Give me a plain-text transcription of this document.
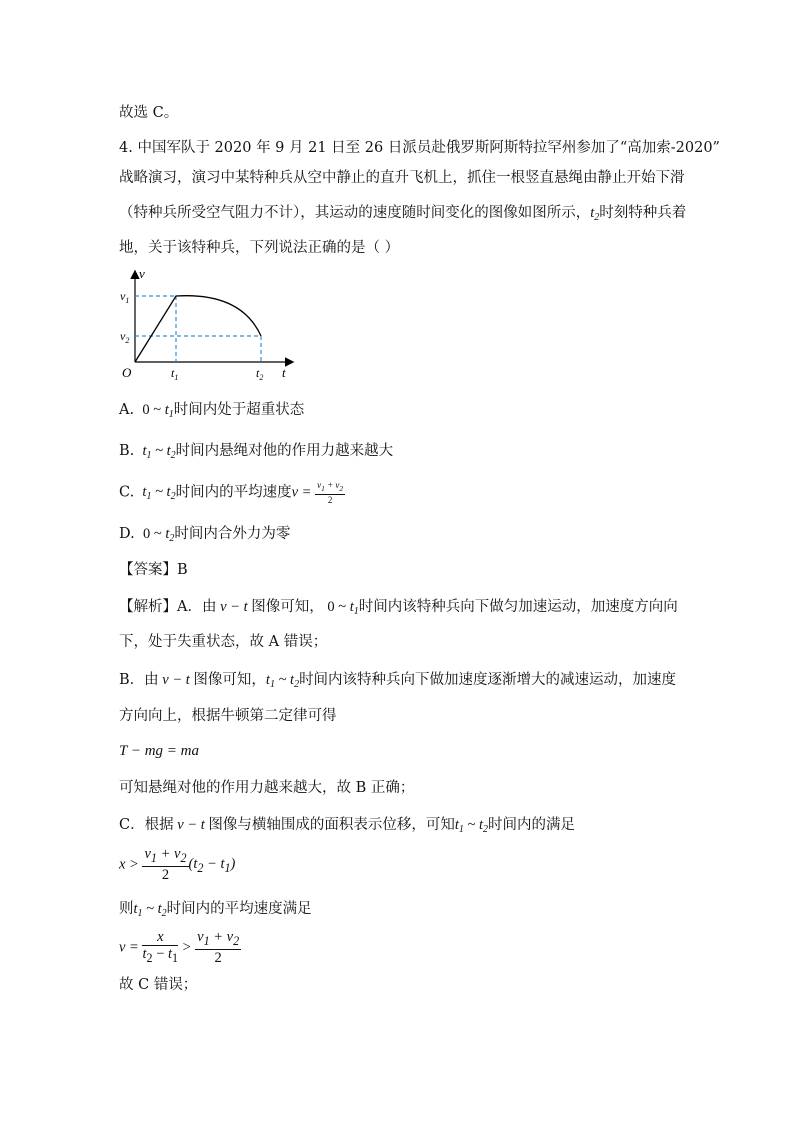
故选 C。
4. 中国军队于 2020 年 9 月 21 日至 26 日派员赴俄罗斯阿斯特拉罕州参加了“高加索-2020”
战略演习，演习中某特种兵从空中静止的直升飞机上，抓住一根竖直悬绳由静止开始下滑
（特种兵所受空气阻力不计），其运动的速度随时间变化的图像如图所示，$t_2$时刻特种兵着
地，关于该特种兵，下列说法正确的是（ ）
v
t
O
$v_1$
$v_2$
$t_1$	$t_2$
A.  0 ~ $t_1$时间内处于超重状态
B.  $t_1$ ~ $t_2$时间内悬绳对他的作用力越来越大
C.  $t_1$ ~ $t_2$时间内的平均速度$v = \frac{v_1 + v_2}{2}$
D.  0 ~ $t_2$时间内合外力为零
【答案】B
【解析】A．由 v − t 图像可知， 0 ~ $t_1$时间内该特种兵向下做匀加速运动，加速度方向向
下，处于失重状态，故 A 错误；
B．由 v − t 图像可知，$t_1$ ~ $t_2$时间内该特种兵向下做加速度逐渐增大的减速运动，加速度
方向向上，根据牛顿第二定律可得
T − mg = ma
可知悬绳对他的作用力越来越大，故 B 正确；
C．根据 v − t 图像与横轴围成的面积表示位移，可知$t_1$ ~ $t_2$时间内的满足
$x > \frac{v_1 + v_2}{2} (t_2 - t_1)$
则$t_1$ ~ $t_2$时间内的平均速度满足
$v = \frac{x}{t_2 - t_1} > \frac{v_1 + v_2}{2}$
故 C 错误；
